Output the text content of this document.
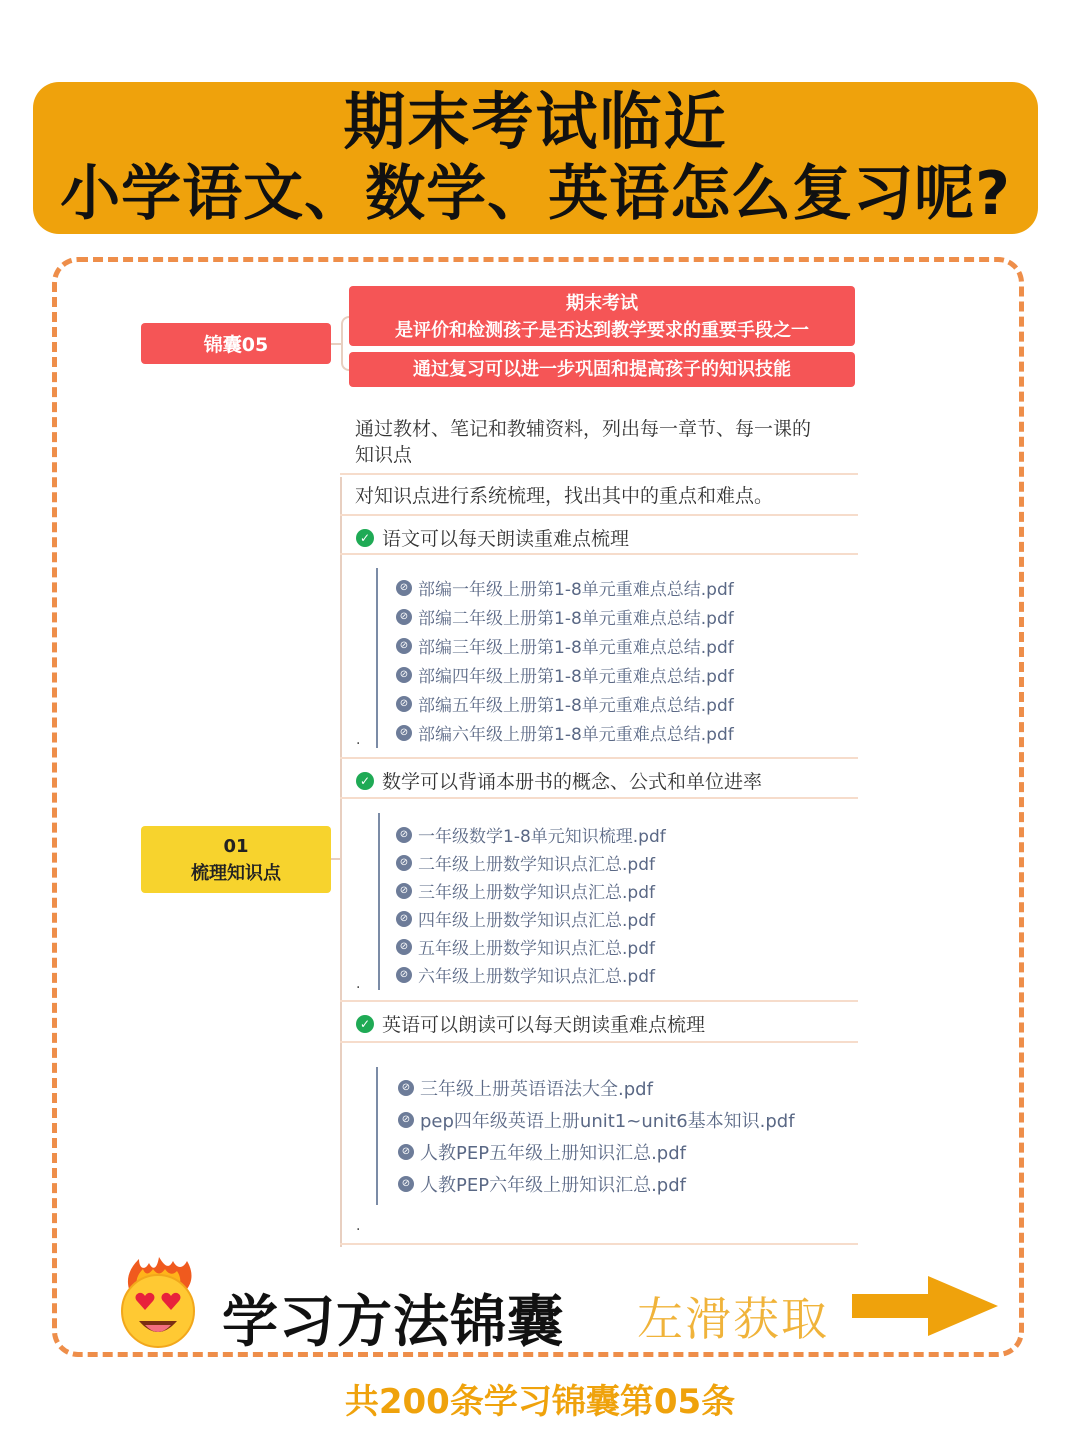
期末考试临近
小学语文、数学、英语怎么复习呢?
锦囊05
01
梳理知识点
期末考试
是评价和检测孩子是否达到教学要求的重要手段之一
通过复习可以进一步巩固和提高孩子的知识技能
通过教材、笔记和教辅资料，列出每一章节、每一课的
知识点
对知识点进行系统梳理，找出其中的重点和难点。
✓ 语文可以每天朗读重难点梳理
⊘ 部编一年级上册第1-8单元重难点总结.pdf
⊘ 部编二年级上册第1-8单元重难点总结.pdf
⊘ 部编三年级上册第1-8单元重难点总结.pdf
⊘ 部编四年级上册第1-8单元重难点总结.pdf
⊘ 部编五年级上册第1-8单元重难点总结.pdf
⊘ 部编六年级上册第1-8单元重难点总结.pdf
.
✓ 数学可以背诵本册书的概念、公式和单位进率
⊘ 一年级数学1-8单元知识梳理.pdf
⊘ 二年级上册数学知识点汇总.pdf
⊘ 三年级上册数学知识点汇总.pdf
⊘ 四年级上册数学知识点汇总.pdf
⊘ 五年级上册数学知识点汇总.pdf
⊘ 六年级上册数学知识点汇总.pdf
.
✓ 英语可以朗读可以每天朗读重难点梳理
⊘ 三年级上册英语语法大全.pdf
⊘ pep四年级英语上册unit1~unit6基本知识.pdf
⊘ 人教PEP五年级上册知识汇总.pdf
⊘ 人教PEP六年级上册知识汇总.pdf
.
学习方法锦囊 左滑获取
共200条学习锦囊第05条
